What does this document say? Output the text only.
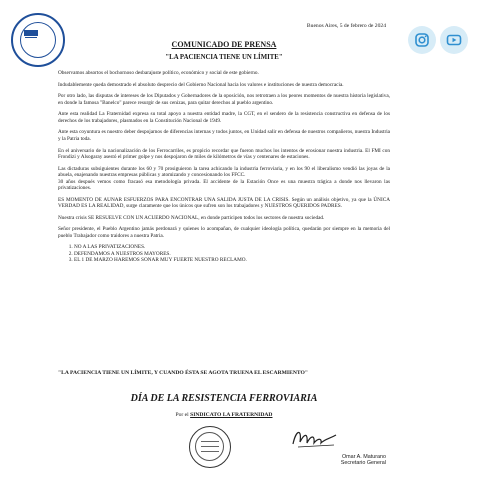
Buenos Aires, 5 de febrero de 2024
COMUNICADO DE PRENSA
"LA PACIENCIA TIENE UN LÍMITE"

Observamos absortos el bochornoso desbarajuste político, económico y social de este gobierno.

Indudablemente queda demostrado el absoluto desprecio del Gobierno Nacional hacia los valores e instituciones de nuestra democracia.

Por otro lado, las disputas de intereses de los Diputados y Gobernadores de la oposición, nos retrotraen a los peores momentos de nuestra historia legislativa, en donde la famosa "Banelco" parece resurgir de sus cenizas, para quitar derechos al pueblo argentino.

Ante esta realidad La Fraternidad expresa su total apoyo a nuestra entidad madre, la CGT, en el sendero de la resistencia constructiva en defensa de los derechos de los trabajadores, plasmados en la Constitución Nacional de 1949.

Ante esta coyuntura es nuestro deber despojarnos de diferencias internas y todos juntos, en Unidad salir en defensa de nuestros compañeros, nuestra Industria y la Patria toda.

En el aniversario de la nacionalización de los Ferrocarriles, es propicio recordar que fueron muchos los intentos de erosionar nuestra industria. El FMI con Frondizi y Alsogaray asestó el primer golpe y nos despojaron de miles de kilómetros de vías y centenares de estaciones.

Las dictaduras subsiguientes durante los 60 y 70 prosiguieron la tarea achicando la industria ferroviaria, y en los 90 el liberalismo vendió las joyas de la abuela, enajenando nuestras empresas públicas y atomizando y concesionando los FFCC.

30 años después vemos como fracasó esa metodología privada. El accidente de la Estación Once es una muestra trágica a donde nos llevaron las privatizaciones.

ES MOMENTO DE AUNAR ESFUERZOS PARA ENCONTRAR UNA SALIDA JUSTA DE LA CRISIS. Según un análisis objetivo, ya que la ÚNICA VERDAD ES LA REALIDAD, surge claramente que los únicos que sufren son los trabajadores y NUESTROS QUERIDOS PADRES.

Nuestra crisis SE RESUELVE CON UN ACUERDO NACIONAL, en donde participen todos los sectores de nuestra sociedad.

Señor presidente, el Pueblo Argentino jamás perdonará y quienes lo acompañan, de cualquier ideología política, quedarán por siempre en la memoria del pueblo Trabajador como traidores a nuestra Patria.

1. NO A LAS PRIVATIZACIONES.
2. DEFENDAMOS A NUESTROS MAYORES.
3. EL 1 DE MARZO HAREMOS SONAR MUY FUERTE NUESTRO RECLAMO.
"LA PACIENCIA TIENE UN LÍMITE, Y CUANDO ÉSTA SE AGOTA TRUENA EL ESCARMIENTO"
DÍA DE LA RESISTENCIA FERROVIARIA
Por el SINDICATO LA FRATERNIDAD
Omar A. Maturano
Secretario General
